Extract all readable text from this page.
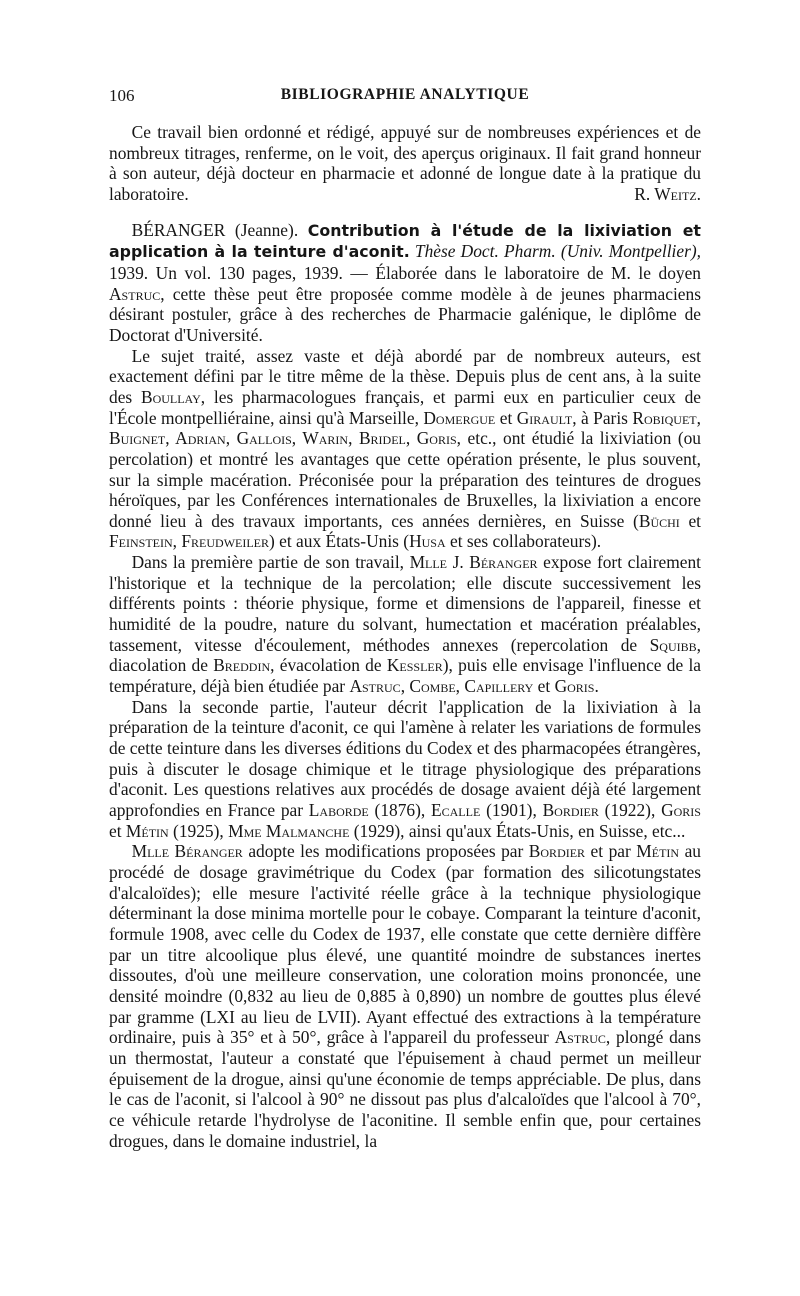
106	BIBLIOGRAPHIE ANALYTIQUE

Ce travail bien ordonné et rédigé, appuyé sur de nombreuses expériences et de nombreux titrages, renferme, on le voit, des aperçus originaux. Il fait grand honneur à son auteur, déjà docteur en pharmacie et adonné de longue date à la pratique du laboratoire.	R. Weitz.

BÉRANGER (Jeanne). Contribution à l'étude de la lixiviation et application à la teinture d'aconit. Thèse Doct. Pharm. (Univ. Montpellier), 1939. Un vol. 130 pages, 1939. — Élaborée dans le laboratoire de M. le doyen Astruc, cette thèse peut être proposée comme modèle à de jeunes pharmaciens désirant postuler, grâce à des recherches de Pharmacie galénique, le diplôme de Doctorat d'Université.

Le sujet traité, assez vaste et déjà abordé par de nombreux auteurs, est exactement défini par le titre même de la thèse. Depuis plus de cent ans, à la suite des Boullay, les pharmacologues français, et parmi eux en particulier ceux de l'École montpelliéraine, ainsi qu'à Marseille, Domergue et Girault, à Paris Robiquet, Buignet, Adrian, Gallois, Warin, Bridel, Goris, etc., ont étudié la lixiviation (ou percolation) et montré les avantages que cette opération présente, le plus souvent, sur la simple macération. Préconisée pour la préparation des teintures de drogues héroïques, par les Conférences internationales de Bruxelles, la lixiviation a encore donné lieu à des travaux importants, ces années dernières, en Suisse (Büchi et Feinstein, Freudweiler) et aux États-Unis (Husa et ses collaborateurs).

Dans la première partie de son travail, Mlle J. Béranger expose fort clairement l'historique et la technique de la percolation; elle discute successivement les différents points : théorie physique, forme et dimensions de l'appareil, finesse et humidité de la poudre, nature du solvant, humectation et macération préalables, tassement, vitesse d'écoulement, méthodes annexes (repercolation de Squibb, diacolation de Breddin, évacolation de Kessler), puis elle envisage l'influence de la température, déjà bien étudiée par Astruc, Combe, Capillery et Goris.

Dans la seconde partie, l'auteur décrit l'application de la lixiviation à la préparation de la teinture d'aconit, ce qui l'amène à relater les variations de formules de cette teinture dans les diverses éditions du Codex et des pharmacopées étrangères, puis à discuter le dosage chimique et le titrage physiologique des préparations d'aconit. Les questions relatives aux procédés de dosage avaient déjà été largement approfondies en France par Laborde (1876), Ecalle (1901), Bordier (1922), Goris et Métin (1925), Mme Malmanche (1929), ainsi qu'aux États-Unis, en Suisse, etc...

Mlle Béranger adopte les modifications proposées par Bordier et par Métin au procédé de dosage gravimétrique du Codex (par formation des silicotungstates d'alcaloïdes); elle mesure l'activité réelle grâce à la technique physiologique déterminant la dose minima mortelle pour le cobaye. Comparant la teinture d'aconit, formule 1908, avec celle du Codex de 1937, elle constate que cette dernière diffère par un titre alcoolique plus élevé, une quantité moindre de substances inertes dissoutes, d'où une meilleure conservation, une coloration moins prononcée, une densité moindre (0,832 au lieu de 0,885 à 0,890) un nombre de gouttes plus élevé par gramme (LXI au lieu de LVII). Ayant effectué des extractions à la température ordinaire, puis à 35° et à 50°, grâce à l'appareil du professeur Astruc, plongé dans un thermostat, l'auteur a constaté que l'épuisement à chaud permet un meilleur épuisement de la drogue, ainsi qu'une économie de temps appréciable. De plus, dans le cas de l'aconit, si l'alcool à 90° ne dissout pas plus d'alcaloïdes que l'alcool à 70°, ce véhicule retarde l'hydrolyse de l'aconitine. Il semble enfin que, pour certaines drogues, dans le domaine industriel, la
